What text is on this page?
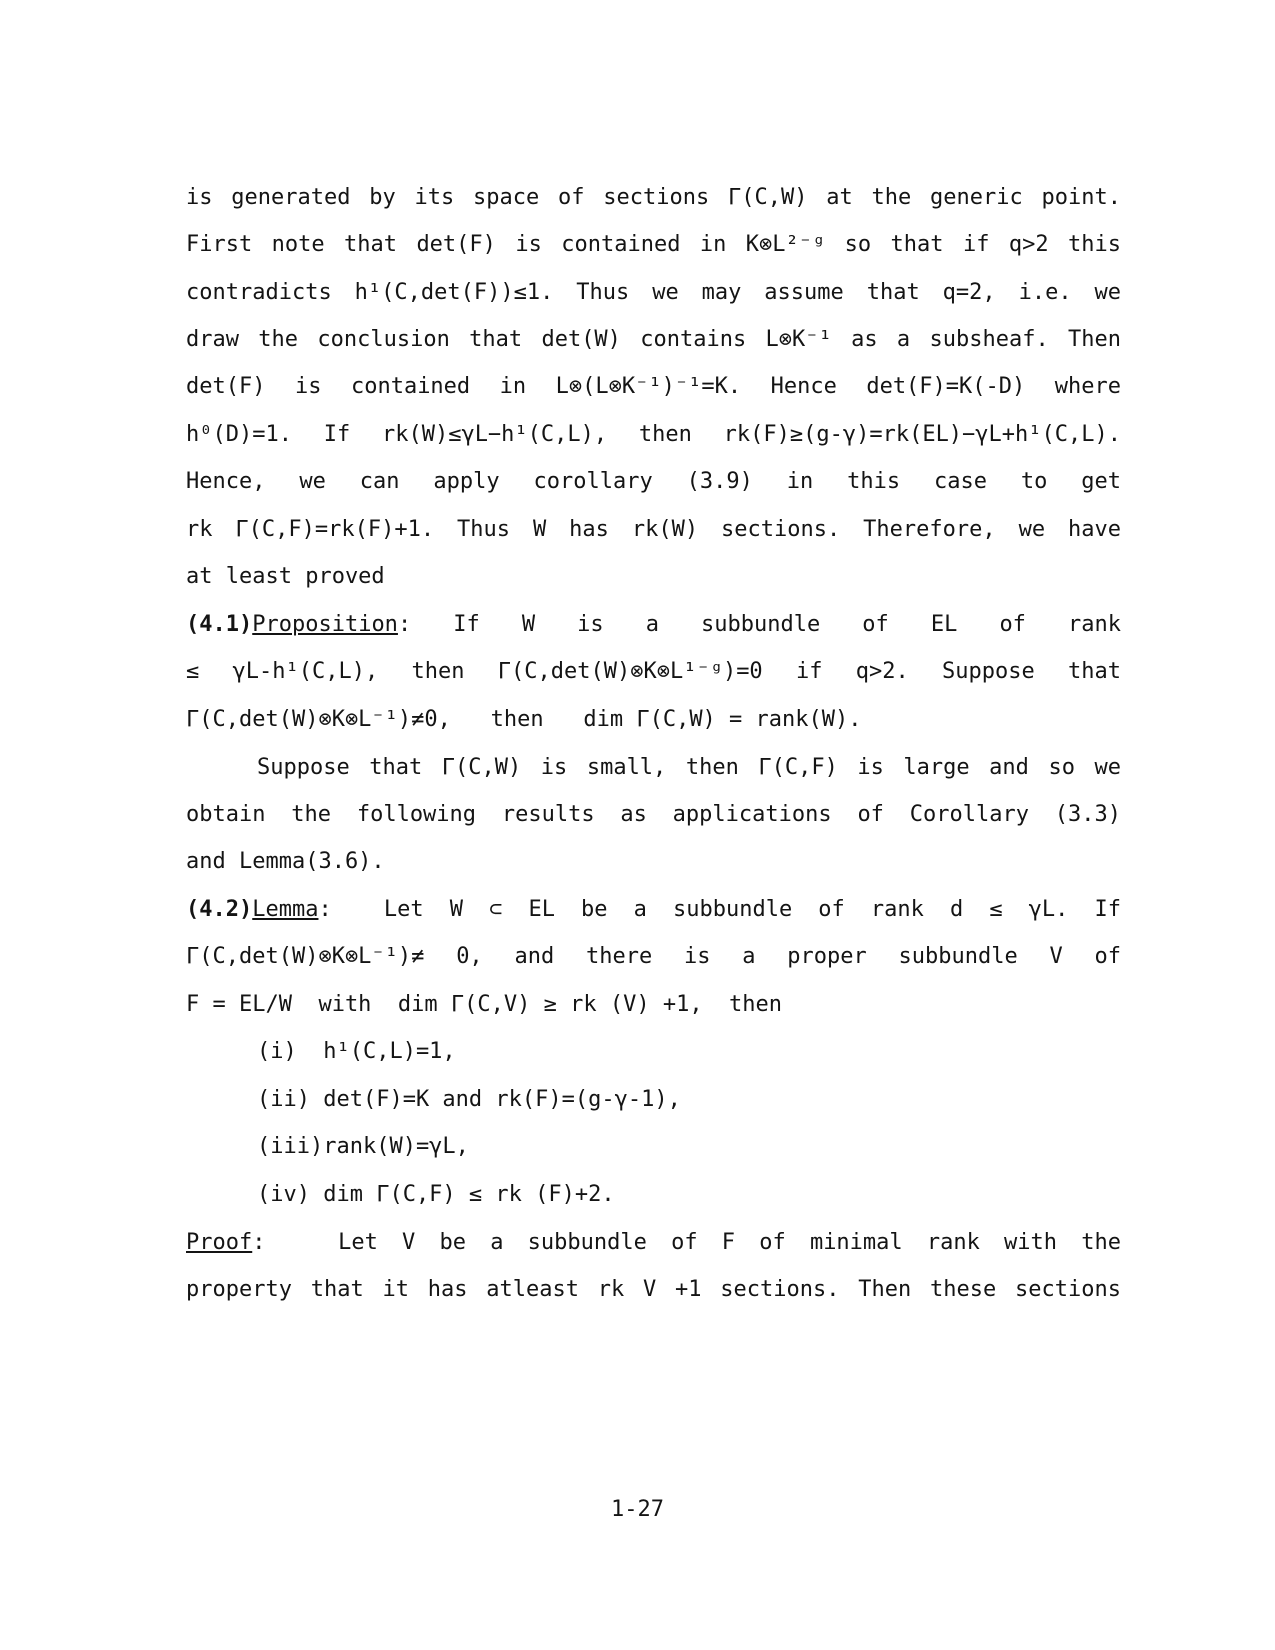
is generated by its space of sections Γ(C,W) at the generic point.
First note that det(F) is contained in K⊗L²⁻ᵍ so that if q>2 this
contradicts h¹(C,det(F))≤1. Thus we may assume that q=2, i.e. we
draw the conclusion that det(W) contains L⊗K⁻¹ as a subsheaf. Then
det(F) is contained in L⊗(L⊗K⁻¹)⁻¹=K. Hence det(F)=K(-D) where
h⁰(D)=1. If rk(W)≤γL−h¹(C,L), then rk(F)≥(g-γ)=rk(EL)−γL+h¹(C,L).
Hence, we can apply corollary (3.9) in this case to get
rk Γ(C,F)=rk(F)+1. Thus W has rk(W) sections. Therefore, we have
at least proved
(4.1)Proposition : If W is a subbundle of EL of rank
≤ γL-h¹(C,L), then Γ(C,det(W)⊗K⊗L¹⁻ᵍ)=0 if q>2. Suppose that
Γ(C,det(W)⊗K⊗L⁻¹)≠0,   then   dim Γ(C,W) = rank(W).
Suppose that Γ(C,W) is small, then Γ(C,F) is large and so we
obtain the following results as applications of Corollary (3.3)
and Lemma(3.6).
(4.2)Lemma :  Let W ⊂ EL be a subbundle of rank d ≤ γL. If
Γ(C,det(W)⊗K⊗L⁻¹)≠ 0, and there is a proper subbundle V of
F = EL/W  with  dim Γ(C,V) ≥ rk (V) +1,  then
(i)  h¹(C,L)=1,
(ii) det(F)=K and rk(F)=(g-γ-1),
(iii)rank(W)=γL,
(iv) dim Γ(C,F) ≤ rk (F)+2.
Proof :   Let V be a subbundle of F of minimal rank with the
property that it has atleast rk V +1 sections. Then these sections
1-27
